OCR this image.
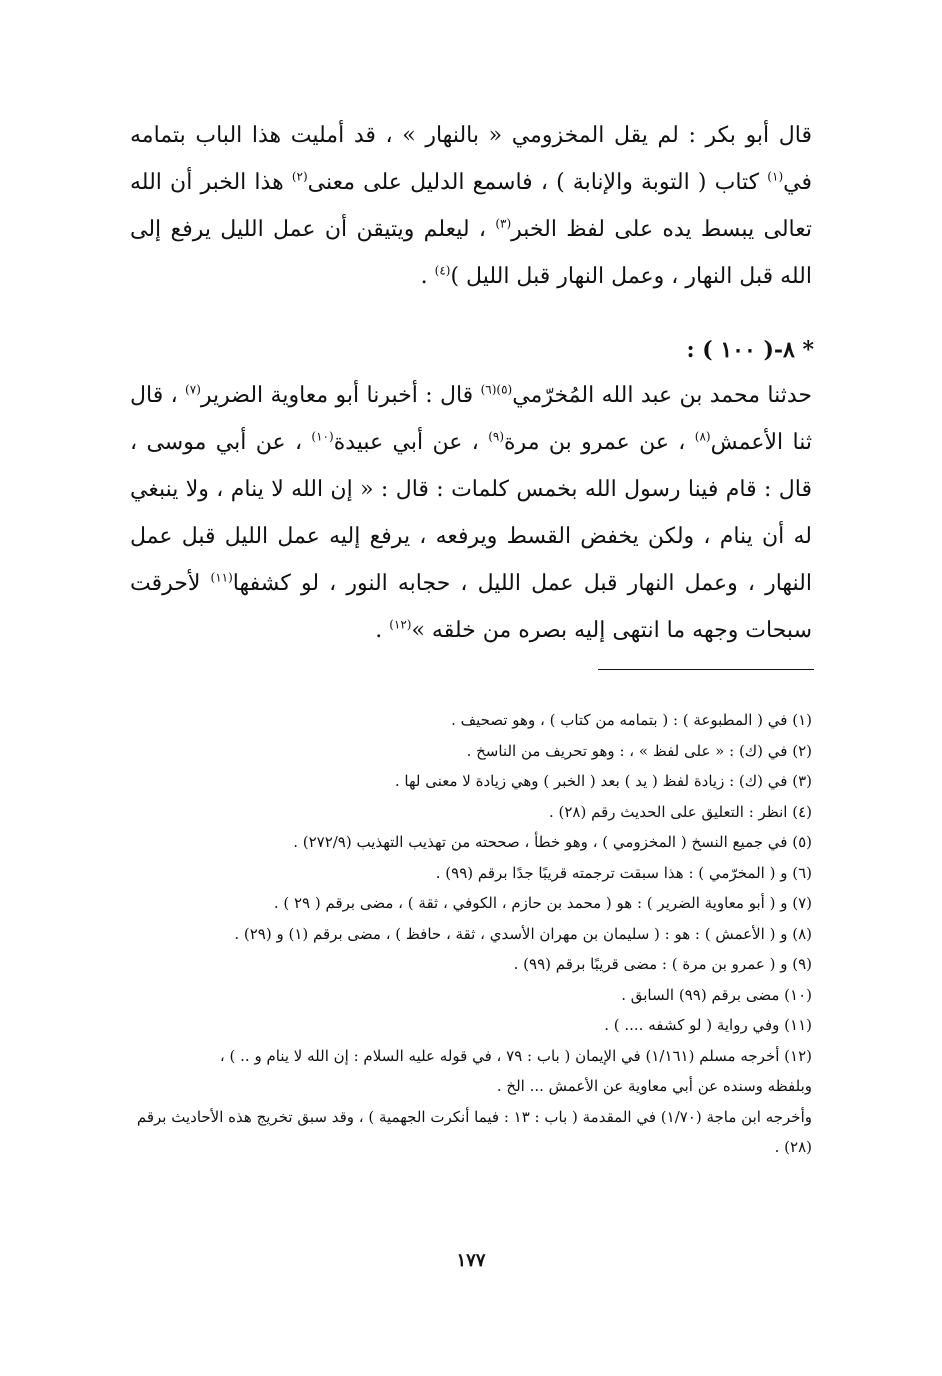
قال أبو بكر : لم يقل المخزومي « بالنهار » ، قد أمليت هذا الباب بتمامه في$^{(١)}$ كتاب ( التوبة والإنابة ) ، فاسمع الدليل على معنى$^{(٢)}$ هذا الخبر أن الله تعالى يبسط يده على لفظ الخبر$^{(٣)}$ ، ليعلم ويتيقن أن عمل الليل يرفع إلى الله قبل النهار ، وعمل النهار قبل الليل )$^{(٤)}$ .

* ٨-( ١٠٠ ) :

حدثنا محمد بن عبد الله المُخرّمي$^{(٥)(٦)}$ قال : أخبرنا أبو معاوية الضرير$^{(٧)}$ ، قال ثنا الأعمش$^{(٨)}$ ، عن عمرو بن مرة$^{(٩)}$ ، عن أبي عبيدة$^{(١٠)}$ ، عن أبي موسى ، قال : قام فينا رسول الله بخمس كلمات : قال : « إن الله لا ينام ، ولا ينبغي له أن ينام ، ولكن يخفض القسط ويرفعه ، يرفع إليه عمل الليل قبل عمل النهار ، وعمل النهار قبل عمل الليل ، حجابه النور ، لو كشفها$^{(١١)}$ لأحرقت سبحات وجهه ما انتهى إليه بصره من خلقه »$^{(١٢)}$ .

(١) في ( المطبوعة ) : ( بتمامه من كتاب ) ، وهو تصحيف .
(٢) في (ك) : « على لفظ » ، : وهو تحريف من الناسخ .
(٣) في (ك) : زيادة لفظ ( يد ) بعد ( الخبر ) وهي زيادة لا معنى لها .
(٤) انظر : التعليق على الحديث رقم (٢٨) .
(٥) في جميع النسخ ( المخزومي ) ، وهو خطأ ، صححته من تهذيب التهذيب (٢٧٢/٩) .
(٦) و ( المخرّمي ) : هذا سبقت ترجمته قريبًا جدًا برقم (٩٩) .
(٧) و ( أبو معاوية الضرير ) : هو ( محمد بن حازم ، الكوفي ، ثقة ) ، مضى برقم ( ٢٩ ) .
(٨) و ( الأعمش ) : هو : ( سليمان بن مهران الأسدي ، ثقة ، حافظ ) ، مضى برقم (١) و (٢٩) .
(٩) و ( عمرو بن مرة ) : مضى قريبًا برقم (٩٩) .
(١٠) مضى برقم (٩٩) السابق .
(١١) وفي رواية ( لو كشفه .... ) .
(١٢) أخرجه مسلم (١/١٦١) في الإيمان ( باب : ٧٩ ، في قوله عليه السلام : إن الله لا ينام و .. ) ،
وبلفظه وسنده عن أبي معاوية عن الأعمش ... الخ .
وأخرجه ابن ماجة (١/٧٠) في المقدمة ( باب : ١٣ : فيما أنكرت الجهمية ) ، وقد سبق تخريج هذه الأحاديث برقم (٢٨) .
١٧٧
